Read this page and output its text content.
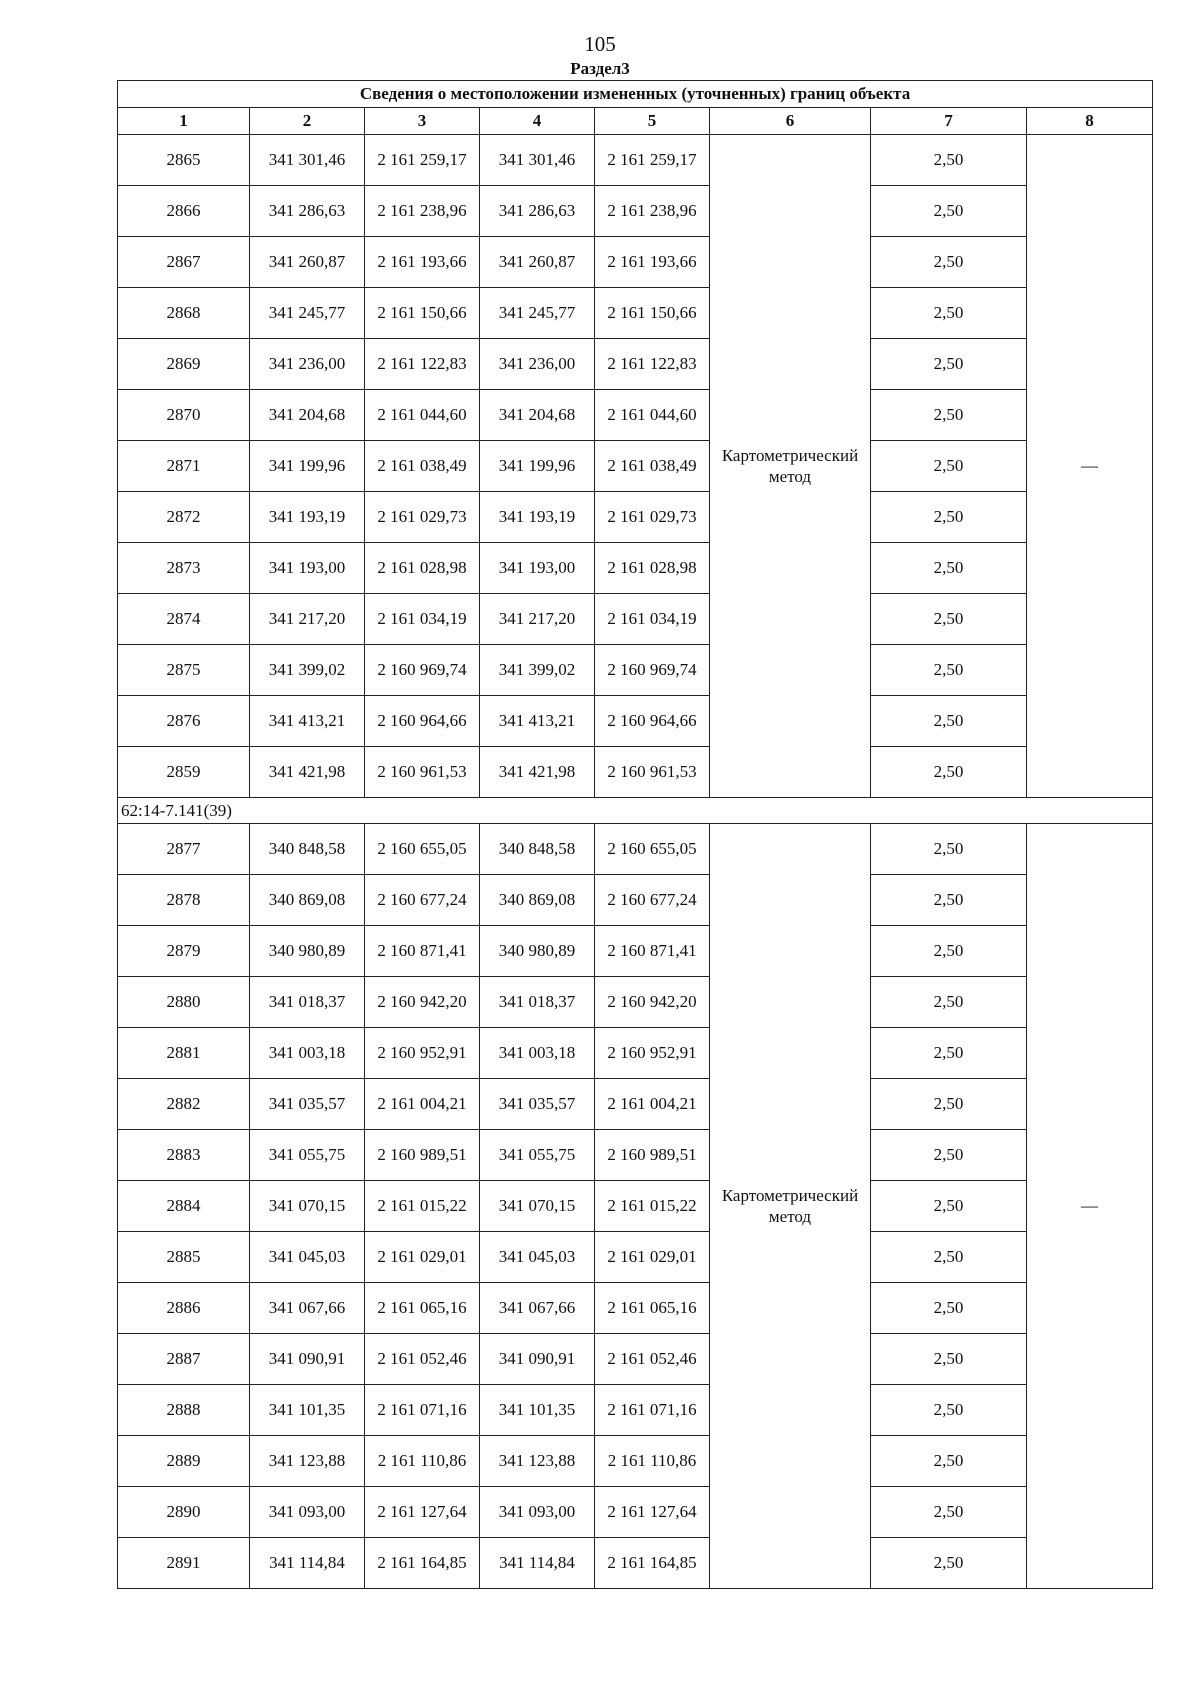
105
Раздел3
Сведения о местоположении измененных (уточненных) границ объекта							
1	2	3	4	5	6	7	8
2865	341 301,46	2 161 259,17	341 301,46	2 161 259,17	Картометрический метод	2,50	—
2866	341 286,63	2 161 238,96	341 286,63	2 161 238,96		2,50	
2867	341 260,87	2 161 193,66	341 260,87	2 161 193,66		2,50	
2868	341 245,77	2 161 150,66	341 245,77	2 161 150,66		2,50	
2869	341 236,00	2 161 122,83	341 236,00	2 161 122,83		2,50	
2870	341 204,68	2 161 044,60	341 204,68	2 161 044,60		2,50	
2871	341 199,96	2 161 038,49	341 199,96	2 161 038,49		2,50	
2872	341 193,19	2 161 029,73	341 193,19	2 161 029,73		2,50	
2873	341 193,00	2 161 028,98	341 193,00	2 161 028,98		2,50	
2874	341 217,20	2 161 034,19	341 217,20	2 161 034,19		2,50	
2875	341 399,02	2 160 969,74	341 399,02	2 160 969,74		2,50	
2876	341 413,21	2 160 964,66	341 413,21	2 160 964,66		2,50	
2859	341 421,98	2 160 961,53	341 421,98	2 160 961,53		2,50	
62:14-7.141(39)							
2877	340 848,58	2 160 655,05	340 848,58	2 160 655,05	Картометрический метод	2,50	—
2878	340 869,08	2 160 677,24	340 869,08	2 160 677,24		2,50	
2879	340 980,89	2 160 871,41	340 980,89	2 160 871,41		2,50	
2880	341 018,37	2 160 942,20	341 018,37	2 160 942,20		2,50	
2881	341 003,18	2 160 952,91	341 003,18	2 160 952,91		2,50	
2882	341 035,57	2 161 004,21	341 035,57	2 161 004,21		2,50	
2883	341 055,75	2 160 989,51	341 055,75	2 160 989,51		2,50	
2884	341 070,15	2 161 015,22	341 070,15	2 161 015,22		2,50	
2885	341 045,03	2 161 029,01	341 045,03	2 161 029,01		2,50	
2886	341 067,66	2 161 065,16	341 067,66	2 161 065,16		2,50	
2887	341 090,91	2 161 052,46	341 090,91	2 161 052,46		2,50	
2888	341 101,35	2 161 071,16	341 101,35	2 161 071,16		2,50	
2889	341 123,88	2 161 110,86	341 123,88	2 161 110,86		2,50	
2890	341 093,00	2 161 127,64	341 093,00	2 161 127,64		2,50	
2891	341 114,84	2 161 164,85	341 114,84	2 161 164,85		2,50	
